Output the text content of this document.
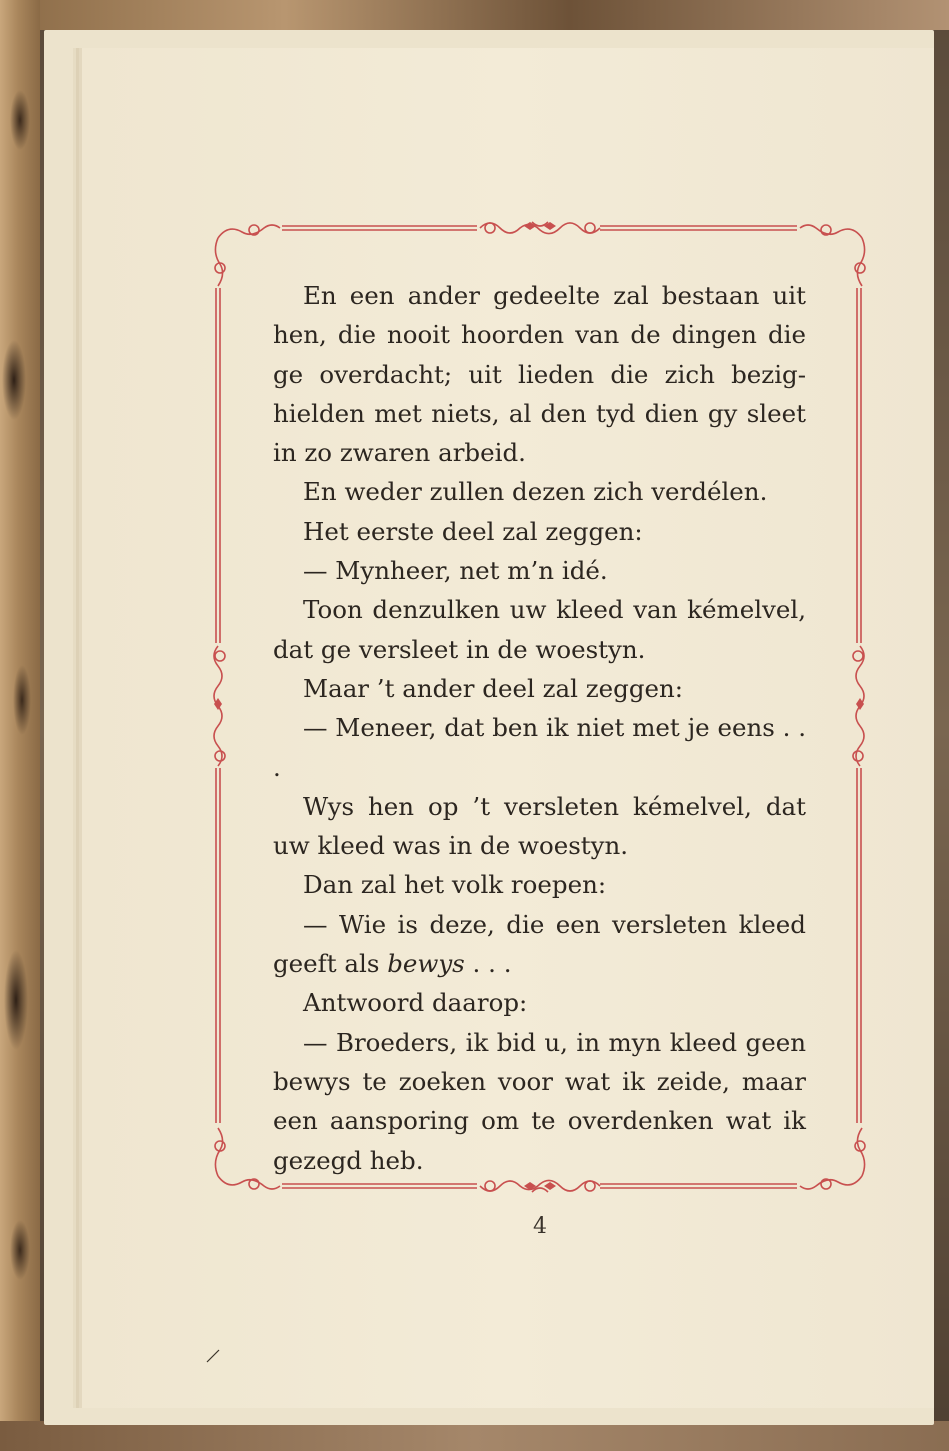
En een ander gedeelte zal bestaan uit hen, die nooit hoorden van de dingen die ge overdacht; uit lieden die zich bezig-hielden met niets, al den tyd dien gy sleet in zo zwaren arbeid.

En weder zullen dezen zich verdélen.

Het eerste deel zal zeggen:

— Mynheer, net m’n idé.

Toon denzulken uw kleed van kémelvel, dat ge versleet in de woestyn.

Maar ’t ander deel zal zeggen:

— Meneer, dat ben ik niet met je eens . . .

Wys hen op ’t versleten kémelvel, dat uw kleed was in de woestyn.

Dan zal het volk roepen:

— Wie is deze, die een versleten kleed geeft als bewys . . .

Antwoord daarop:

— Broeders, ik bid u, in myn kleed geen bewys te zoeken voor wat ik zeide, maar een aansporing om te overdenken wat ik gezegd heb.

4
